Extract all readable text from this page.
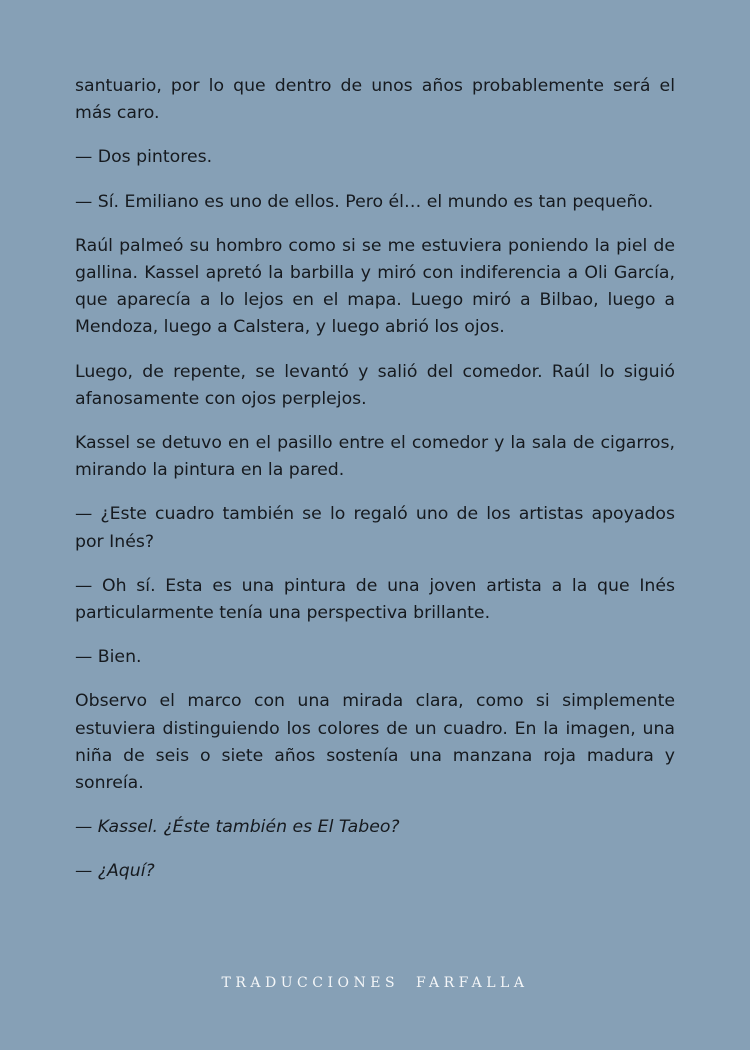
santuario, por lo que dentro de unos años probablemente será el más caro.

— Dos pintores.

— Sí. Emiliano es uno de ellos. Pero él… el mundo es tan pequeño.

Raúl palmeó su hombro como si se me estuviera poniendo la piel de gallina. Kassel apretó la barbilla y miró con indiferencia a Oli García, que aparecía a lo lejos en el mapa. Luego miró a Bilbao, luego a Mendoza, luego a Calstera, y luego abrió los ojos.

Luego, de repente, se levantó y salió del comedor. Raúl lo siguió afanosamente con ojos perplejos.

Kassel se detuvo en el pasillo entre el comedor y la sala de cigarros, mirando la pintura en la pared.

— ¿Este cuadro también se lo regaló uno de los artistas apoyados por Inés?

— Oh sí. Esta es una pintura de una joven artista a la que Inés particularmente tenía una perspectiva brillante.

— Bien.

Observo el marco con una mirada clara, como si simplemente estuviera distinguiendo los colores de un cuadro. En la imagen, una niña de seis o siete años sostenía una manzana roja madura y sonreía.

— Kassel. ¿Éste también es El Tabeo?

— ¿Aquí?

TRADUCCIONES FARFALLA
